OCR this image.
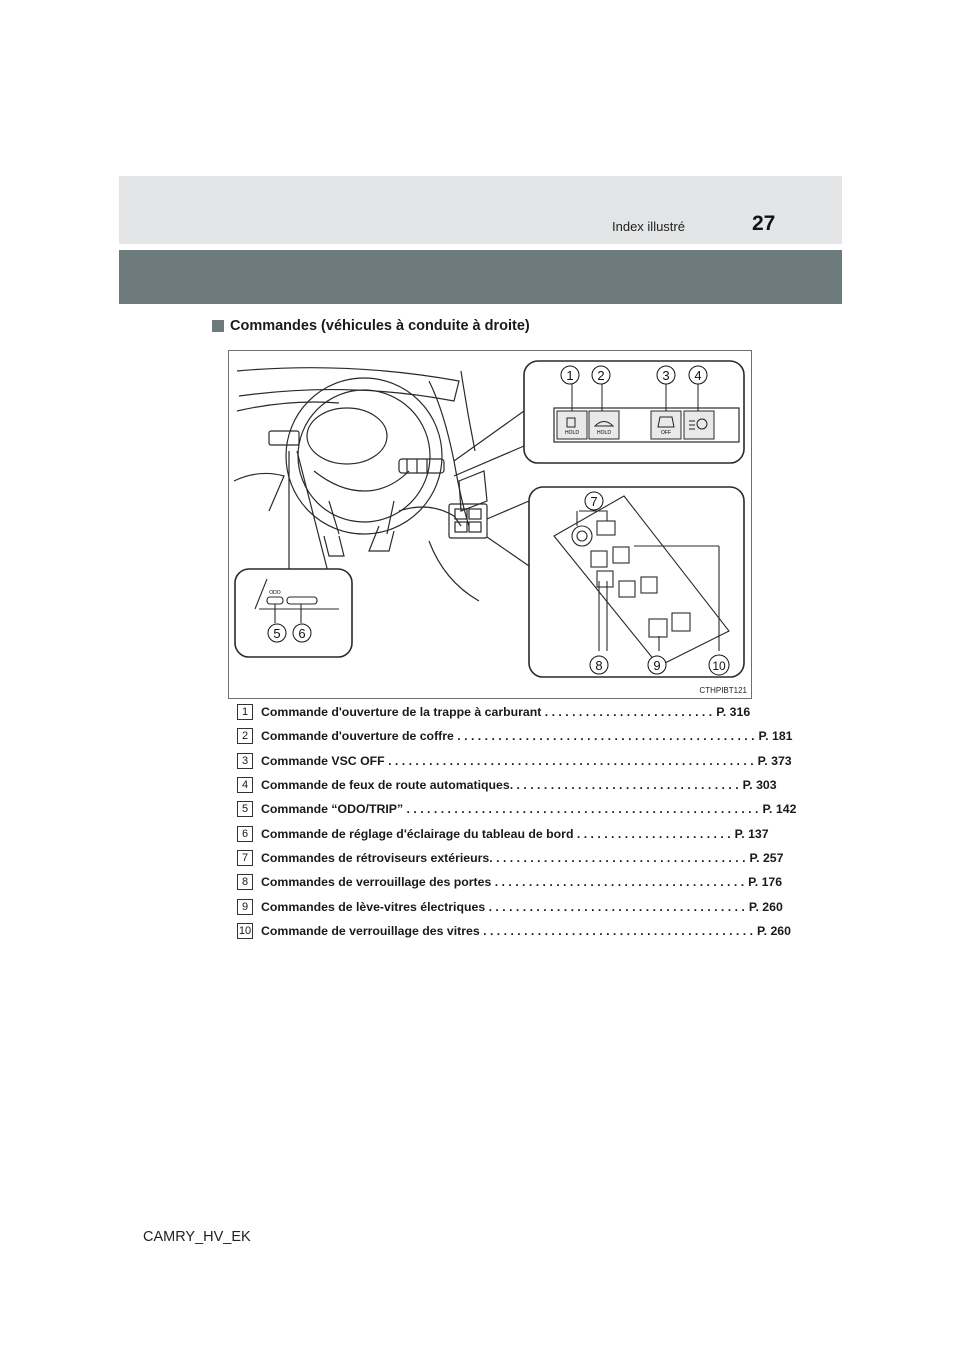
Index illustré	27
Commandes (véhicules à conduite à droite)
HOLD	HOLD	OFF
ODO
1 2	3 4
5 6
7
8	9	10
CTHPIBT121
1	Commande d'ouverture de la trappe à carburant . . . . . . . . . . . . . . . . . . . . . . . . . P. 316
2	Commande d'ouverture de coffre . . . . . . . . . . . . . . . . . . . . . . . . . . . . . . . . . . . . . . . . . . . . P. 181
3	Commande VSC OFF . . . . . . . . . . . . . . . . . . . . . . . . . . . . . . . . . . . . . . . . . . . . . . . . . . . . . . P. 373
4	Commande de feux de route automatiques. . . . . . . . . . . . . . . . . . . . . . . . . . . . . . . . . . P. 303
5	Commande “ODO/TRIP” . . . . . . . . . . . . . . . . . . . . . . . . . . . . . . . . . . . . . . . . . . . . . . . . . . . . P. 142
6	Commande de réglage d'éclairage du tableau de bord . . . . . . . . . . . . . . . . . . . . . . . P. 137
7	Commandes de rétroviseurs extérieurs. . . . . . . . . . . . . . . . . . . . . . . . . . . . . . . . . . . . . . P. 257
8	Commandes de verrouillage des portes . . . . . . . . . . . . . . . . . . . . . . . . . . . . . . . . . . . . . P. 176
9	Commandes de lève-vitres électriques . . . . . . . . . . . . . . . . . . . . . . . . . . . . . . . . . . . . . . P. 260
10 Commande de verrouillage des vitres . . . . . . . . . . . . . . . . . . . . . . . . . . . . . . . . . . . . . . . . P. 260
CAMRY_HV_EK
